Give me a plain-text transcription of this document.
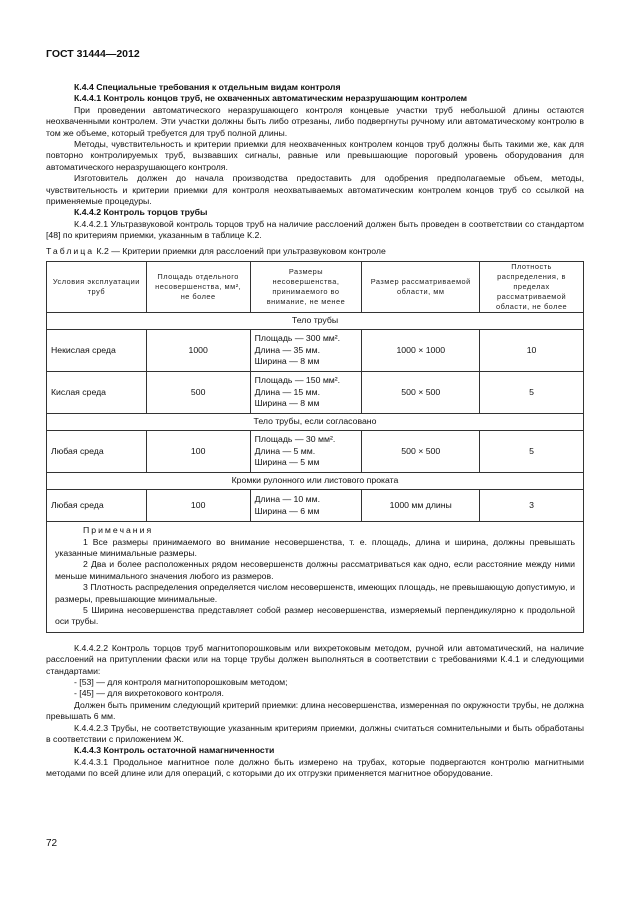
ГОСТ 31444—2012

К.4.4 Специальные требования к отдельным видам контроля

К.4.4.1 Контроль концов труб, не охваченных автоматическим неразрушающим контролем

При проведении автоматического неразрушающего контроля концевые участки труб небольшой длины остаются неохваченными контролем. Эти участки должны быть либо отрезаны, либо подвергнуты ручному или автоматическому контролю в том же объеме, который требуется для труб полной длины.

Методы, чувствительность и критерии приемки для неохваченных контролем концов труб должны быть такими же, как для повторно контролируемых труб, вызвавших сигналы, равные или превышающие пороговый уровень оборудования для автоматического неразрушающего контроля.

Изготовитель должен до начала производства предоставить для одобрения предполагаемые объем, методы, чувствительность и критерии приемки для контроля неохватываемых автоматическим контролем концов труб со ссылкой на применяемые процедуры.

К.4.4.2 Контроль торцов трубы

К.4.4.2.1 Ультразвуковой контроль торцов труб на наличие расслоений должен быть проведен в соответствии со стандартом [48] по критериям приемки, указанным в таблице К.2.

Таблица К.2 — Критерии приемки для расслоений при ультразвуковом контроле

Условия эксплуатации труб	Площадь отдельного несовершенства, мм², не более	Размеры несовершенства, принимаемого во внимание, не менее	Размер рассматриваемой области, мм	Плотность распределения, в пределах рассматриваемой области, не более
Тело трубы				
Некислая среда	1000	Площадь — 300 мм².
Длина — 35 мм.
Ширина — 8 мм	1000 × 1000	10
Кислая среда	500	Площадь — 150 мм².
Длина — 15 мм.
Ширина — 8 мм	500 × 500	5
Тело трубы, если согласовано				
Любая среда	100	Площадь — 30 мм².
Длина — 5 мм.
Ширина — 5 мм	500 × 500	5
Кромки рулонного или листового проката				
Любая среда	100	Длина — 10 мм.
Ширина — 6 мм	1000 мм длины	3

Примечания

1 Все размеры принимаемого во внимание несовершенства, т. е. площадь, длина и ширина, должны превышать указанные минимальные размеры.

2 Два и более расположенных рядом несовершенств должны рассматриваться как одно, если расстояние между ними меньше минимального значения любого из размеров.

3 Плотность распределения определяется числом несовершенств, имеющих площадь, не превышающую допустимую, и размеры, превышающие минимальные.

5 Ширина несовершенства представляет собой размер несовершенства, измеряемый перпендикулярно к продольной оси трубы.				

К.4.4.2.2 Контроль торцов труб магнитопорошковым или вихретоковым методом, ручной или автоматический, на наличие расслоений на притуплении фаски или на торце трубы должен выполняться в соответствии с требованиями К.4.1 и следующими стандартами:

- [53] — для контроля магнитопорошковым методом;

- [45] — для вихретокового контроля.

Должен быть применим следующий критерий приемки: длина несовершенства, измеренная по окружности трубы, не должна превышать 6 мм.

К.4.4.2.3 Трубы, не соответствующие указанным критериям приемки, должны считаться сомнительными и быть обработаны в соответствии с приложением Ж.

К.4.4.3 Контроль остаточной намагниченности

К.4.4.3.1 Продольное магнитное поле должно быть измерено на трубах, которые подвергаются контролю магнитными методами по всей длине или для операций, с которыми до их отгрузки применяется магнитное оборудование.

72
